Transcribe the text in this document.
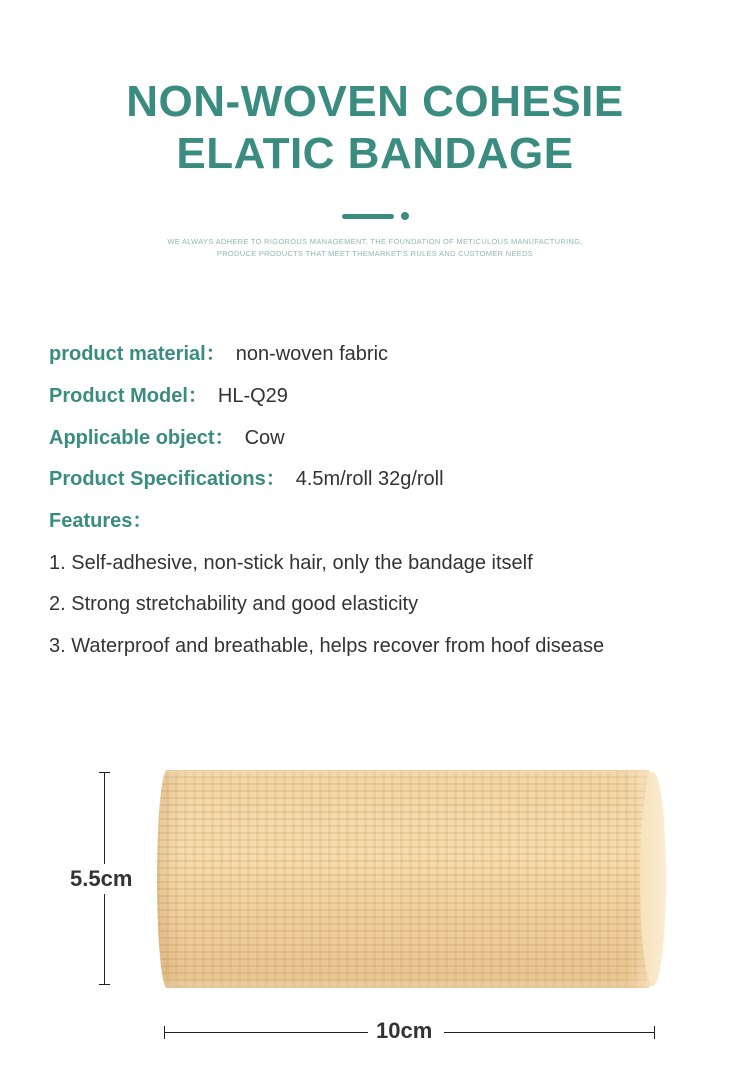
NON-WOVEN COHESIE
ELATIC BANDAGE
WE ALWAYS ADHERE TO RIGOROUS MANAGEMENT, THE FOUNDATION OF METICULOUS MANUFACTURING,
PRODUCE PRODUCTS THAT MEET THEMARKET'S RULES AND CUSTOMER NEEDS
product material： non-woven fabric
Product Model： HL-Q29
Applicable object： Cow
Product Specifications： 4.5m/roll 32g/roll
Features：
1. Self-adhesive, non-stick hair, only the bandage itself
2. Strong stretchability and good elasticity
3. Waterproof and breathable, helps recover from hoof disease
5.5cm
10cm
